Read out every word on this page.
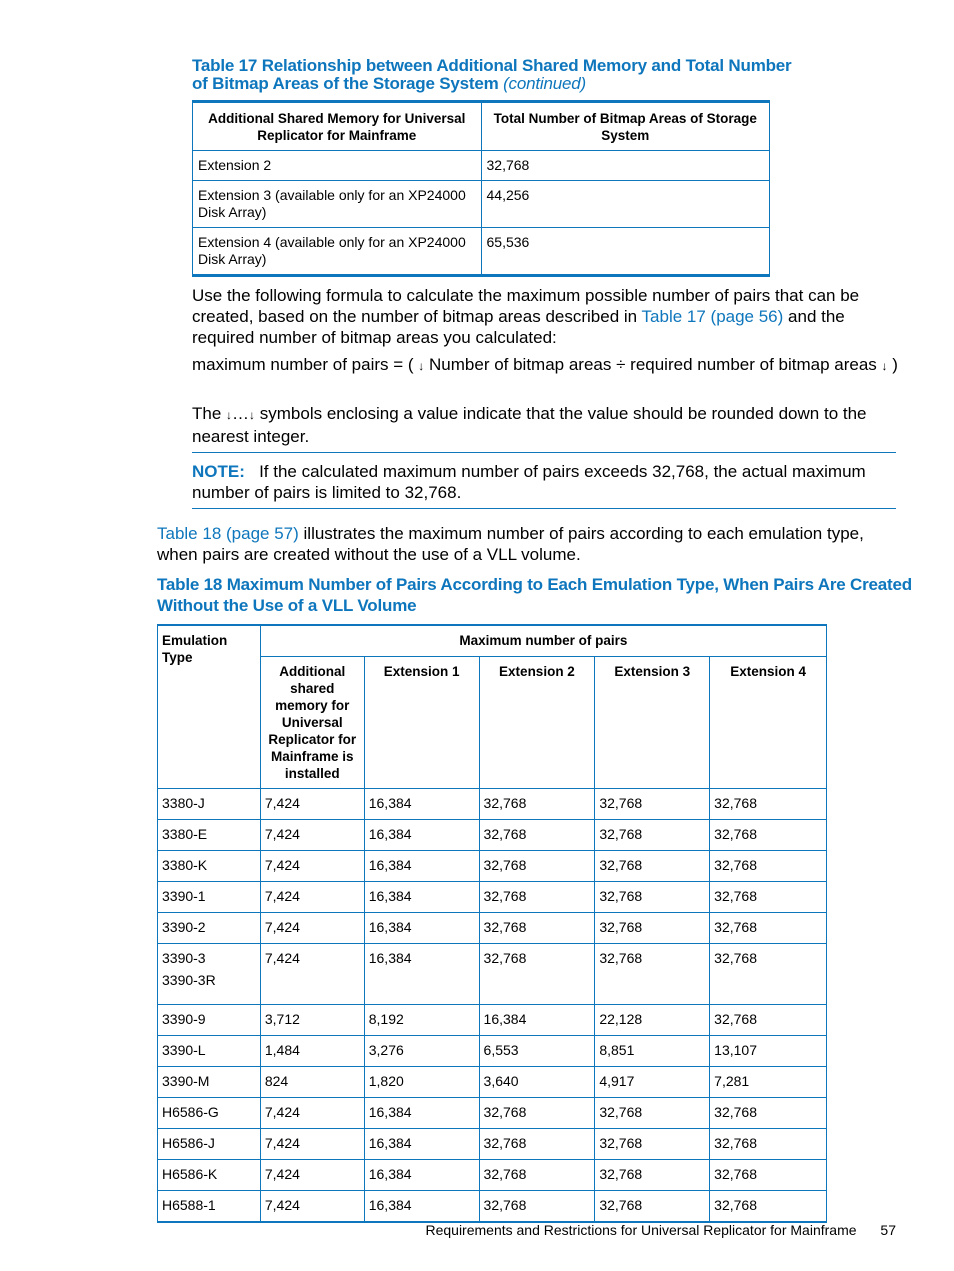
Table 17 Relationship between Additional Shared Memory and Total Number
of Bitmap Areas of the Storage System (continued)
Additional Shared Memory for Universal Replicator for Mainframe	Total Number of Bitmap Areas of Storage System
Extension 2	32,768
Extension 3 (available only for an XP24000 Disk Array)	44,256
Extension 4 (available only for an XP24000 Disk Array)	65,536
Use the following formula to calculate the maximum possible number of pairs that can be created, based on the number of bitmap areas described in Table 17 (page 56) and the required number of bitmap areas you calculated:
maximum number of pairs = ( ↓ Number of bitmap areas ÷ required number of bitmap areas ↓ )
The ↓…↓ symbols enclosing a value indicate that the value should be rounded down to the nearest integer.
NOTE: If the calculated maximum number of pairs exceeds 32,768, the actual maximum number of pairs is limited to 32,768.
Table 18 (page 57) illustrates the maximum number of pairs according to each emulation type, when pairs are created without the use of a VLL volume.
Table 18 Maximum Number of Pairs According to Each Emulation Type, When Pairs Are Created
Without the Use of a VLL Volume
Emulation Type	Maximum number of pairs				
	Additional shared memory for Universal Replicator for Mainframe is installed	Extension 1	Extension 2	Extension 3	Extension 4

3380-J	7,424	16,384	32,768	32,768	32,768

3380-E	7,424	16,384	32,768	32,768	32,768

3380-K	7,424	16,384	32,768	32,768	32,768

3390-1	7,424	16,384	32,768	32,768	32,768

3390-2	7,424	16,384	32,768	32,768	32,768

3390-3
3390-3R	7,424	16,384	32,768	32,768	32,768

3390-9	3,712	8,192	16,384	22,128	32,768

3390-L	1,484	3,276	6,553	8,851	13,107

3390-M	824	1,820	3,640	4,917	7,281

H6586-G	7,424	16,384	32,768	32,768	32,768

H6586-J	7,424	16,384	32,768	32,768	32,768

H6586-K	7,424	16,384	32,768	32,768	32,768

H6588-1	7,424	16,384	32,768	32,768	32,768
Requirements and Restrictions for Universal Replicator for Mainframe 57
